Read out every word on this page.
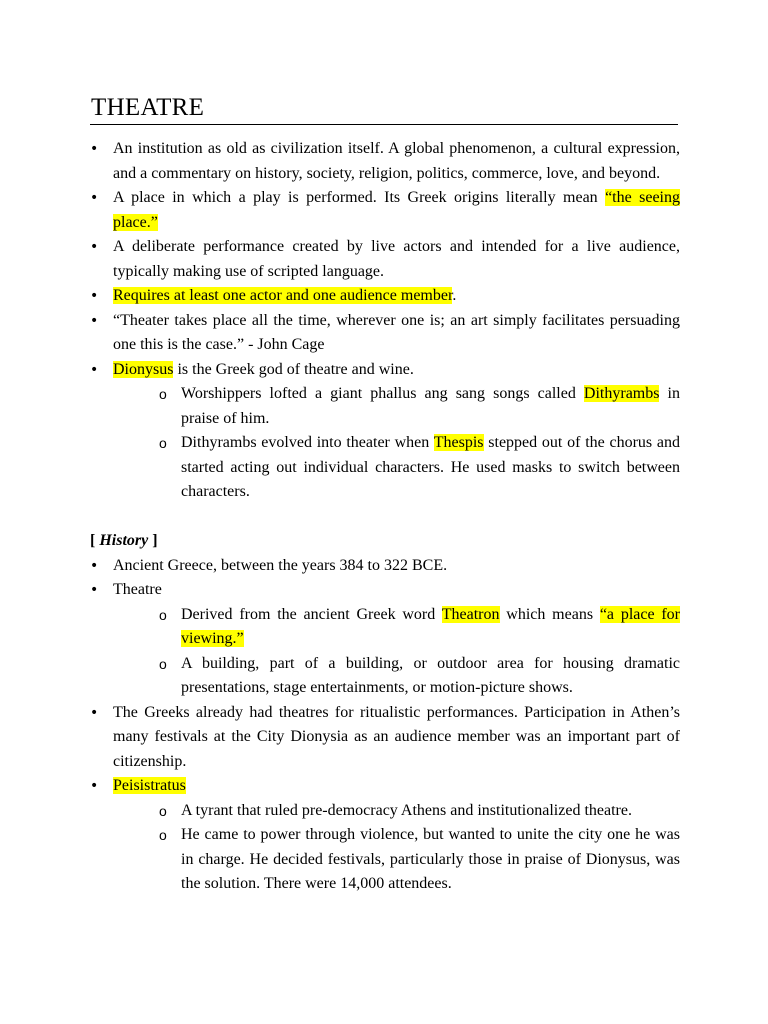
THEATRE
• An institution as old as civilization itself. A global phenomenon, a cultural expression, and a commentary on history, society, religion, politics, commerce, love, and beyond.
• A place in which a play is performed. Its Greek origins literally mean “the seeing place.”
• A deliberate performance created by live actors and intended for a live audience, typically making use of scripted language.
• Requires at least one actor and one audience member.
• “Theater takes place all the time, wherever one is; an art simply facilitates persuading one this is the case.” - John Cage
• Dionysus is the Greek god of theatre and wine.
o Worshippers lofted a giant phallus ang sang songs called Dithyrambs in praise of him.
o Dithyrambs evolved into theater when Thespis stepped out of the chorus and started acting out individual characters. He used masks to switch between characters.
[ History ]
• Ancient Greece, between the years 384 to 322 BCE.
• Theatre
o Derived from the ancient Greek word Theatron which means “a place for viewing.”
o A building, part of a building, or outdoor area for housing dramatic presentations, stage entertainments, or motion-picture shows.
• The Greeks already had theatres for ritualistic performances. Participation in Athen’s many festivals at the City Dionysia as an audience member was an important part of citizenship.
• Peisistratus
o A tyrant that ruled pre-democracy Athens and institutionalized theatre.
o He came to power through violence, but wanted to unite the city one he was in charge. He decided festivals, particularly those in praise of Dionysus, was the solution. There were 14,000 attendees.
